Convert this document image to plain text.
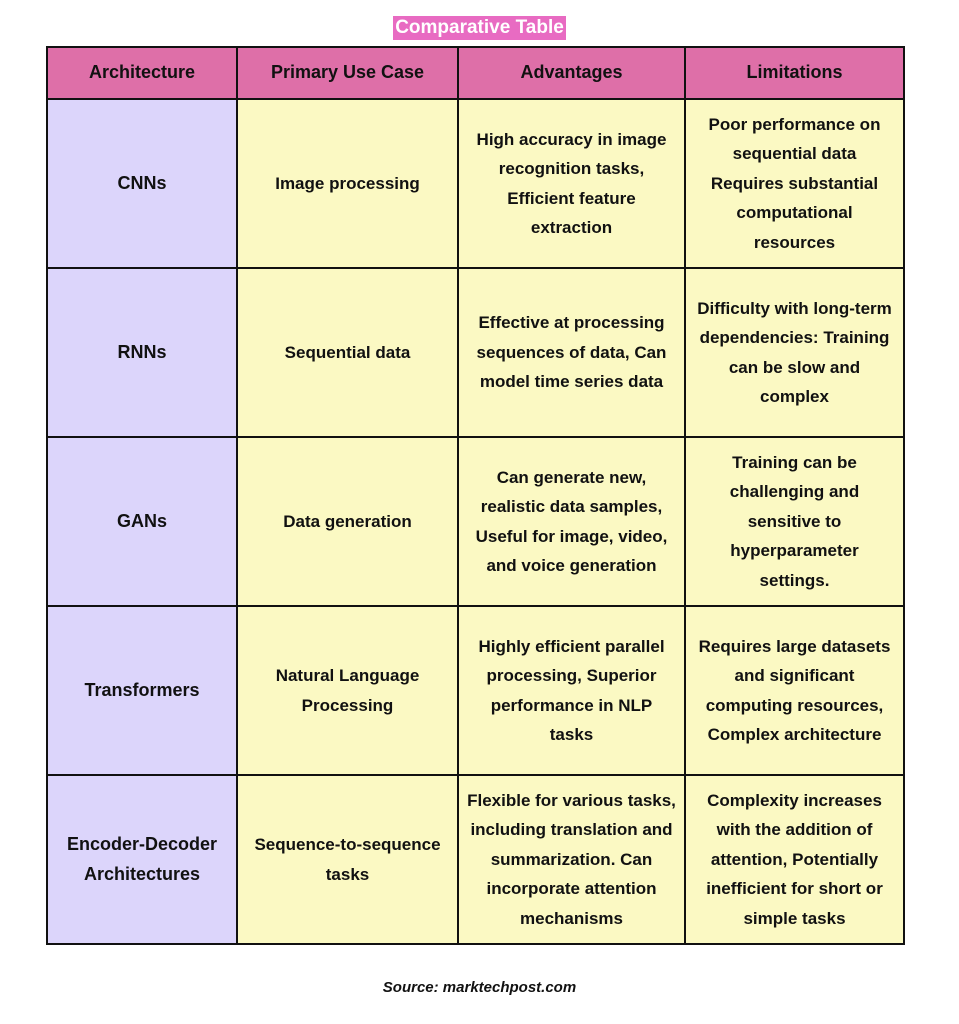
Comparative Table
Architecture	Primary Use Case	Advantages	Limitations
CNNs	Image processing	High accuracy in image recognition tasks, Efficient feature extraction	Poor performance on sequential data Requires substantial computational resources
RNNs	Sequential data	Effective at processing sequences of data, Can model time series data	Difficulty with long-term dependencies: Training can be slow and complex
GANs	Data generation	Can generate new, realistic data samples, Useful for image, video, and voice generation	Training can be challenging and sensitive to hyperparameter settings.
Transformers	Natural Language Processing	Highly efficient parallel processing, Superior performance in NLP tasks	Requires large datasets and significant computing resources, Complex architecture
Encoder-Decoder Architectures	Sequence-to-sequence tasks	Flexible for various tasks, including translation and summarization. Can incorporate attention mechanisms	Complexity increases with the addition of attention, Potentially inefficient for short or simple tasks
Source: marktechpost.com
